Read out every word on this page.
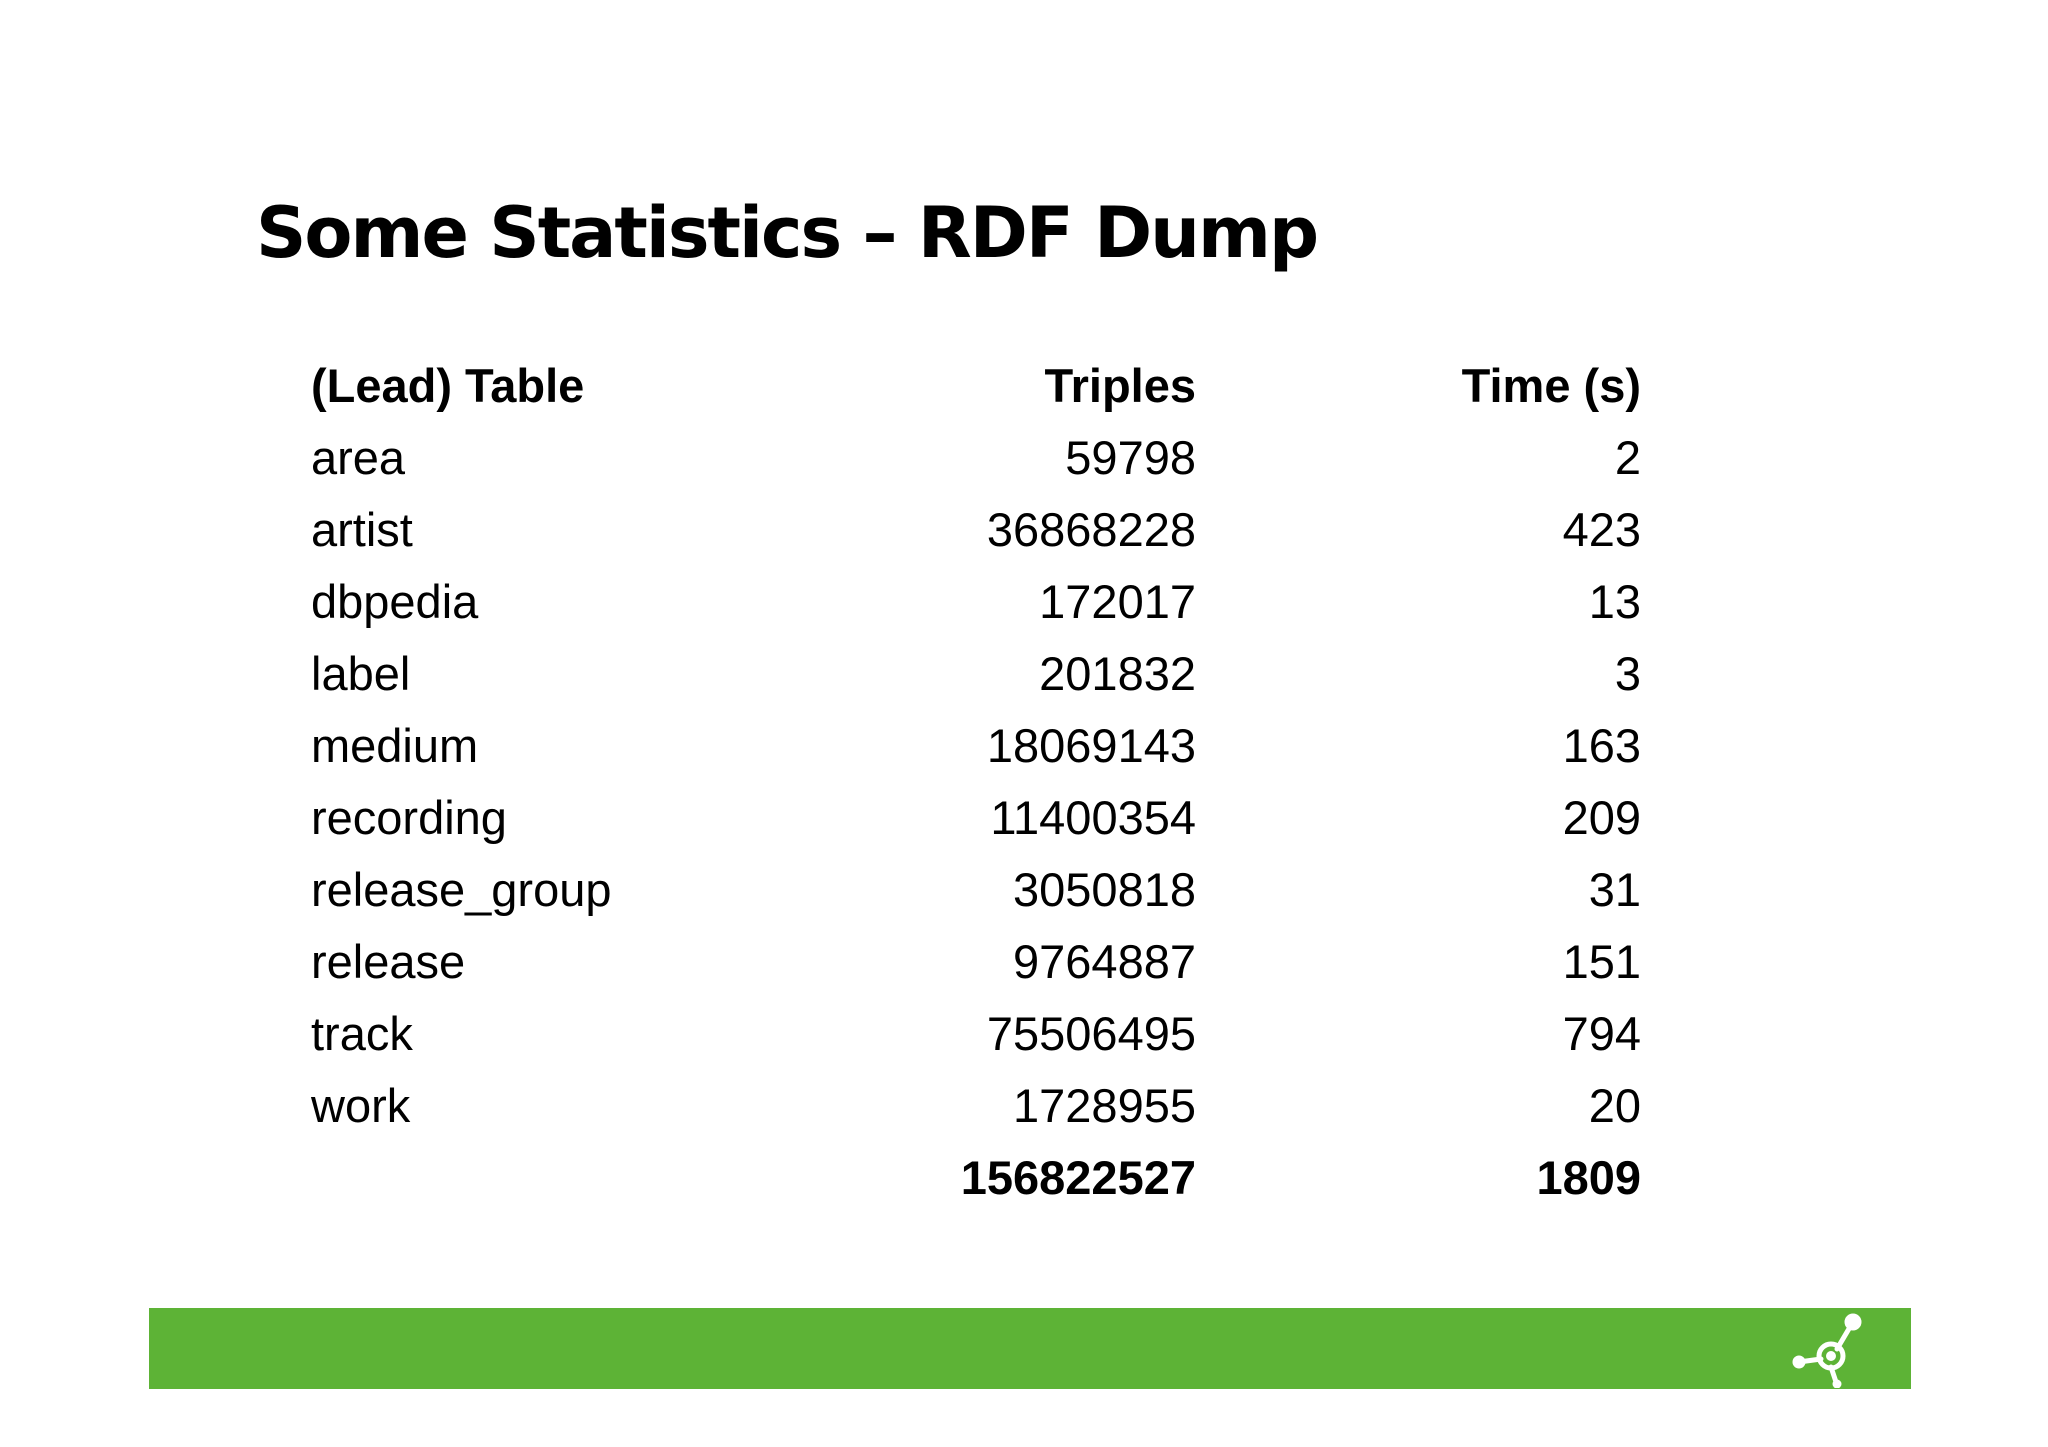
Some Statistics – RDF Dump
(Lead) Table	Triples	Time (s)
area	59798	2
artist	36868228	423
dbpedia	172017	13
label	201832	3
medium	18069143	163
recording	11400354	209
release_group	3050818	31
release	9764887	151
track	75506495	794
work	1728955	20
	156822527	1809
